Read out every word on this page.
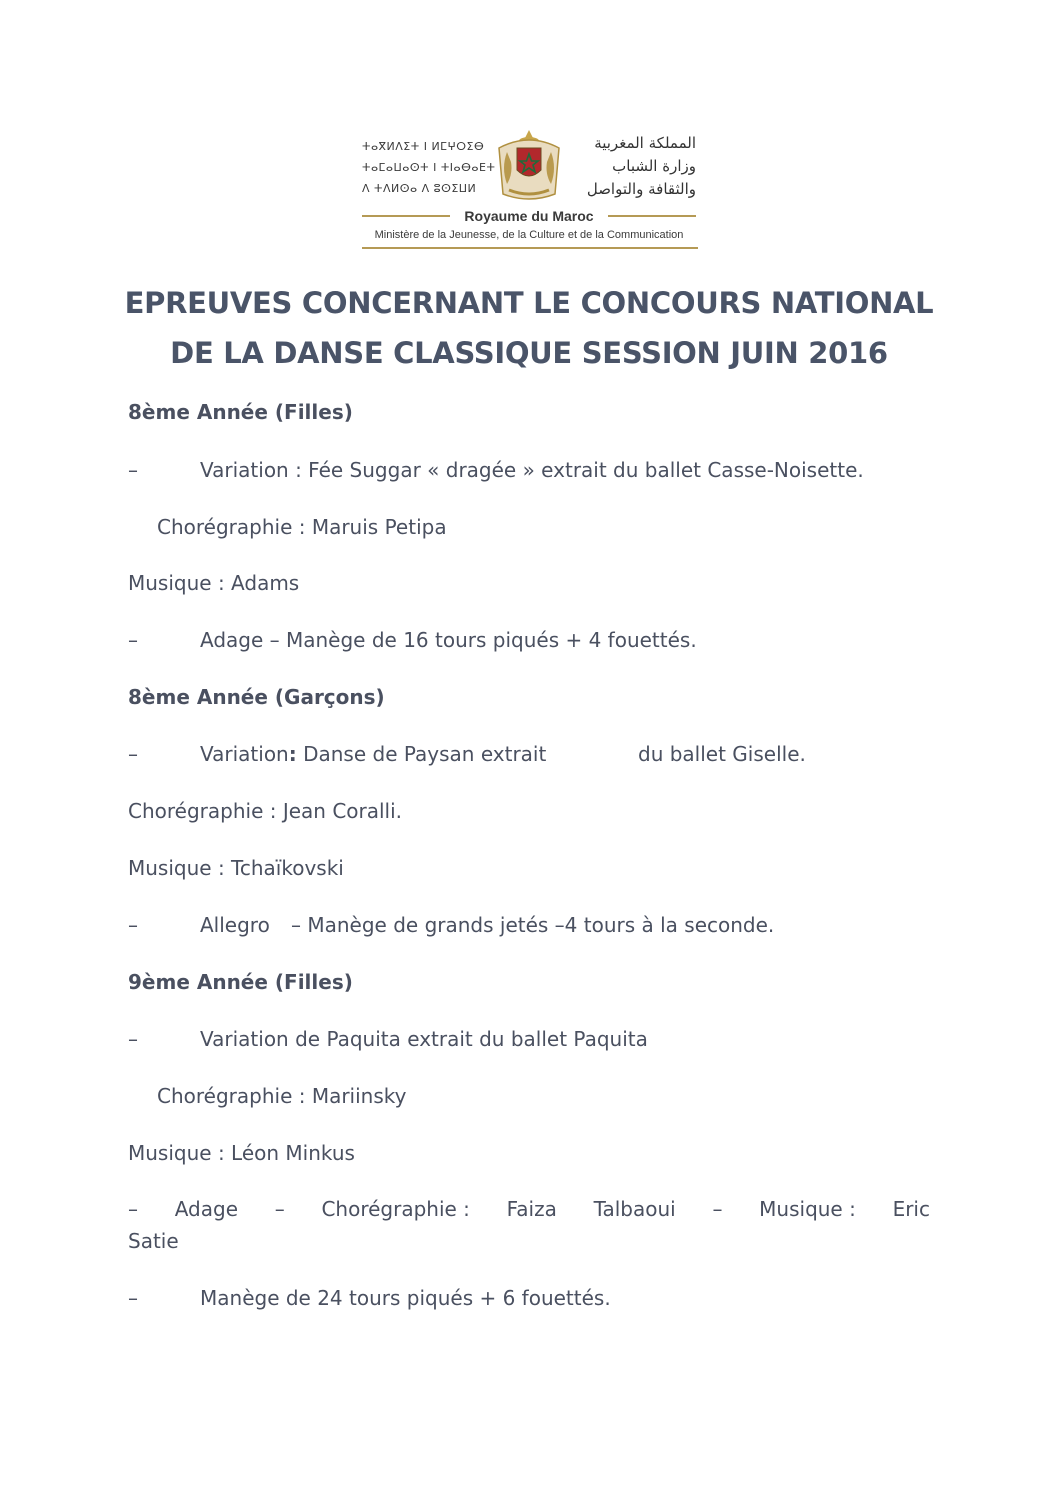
ⵜⴰⴳⵍⴷⵉⵜ ⵏ ⵍⵎⵖⵔⵉⴱ
ⵜⴰⵎⴰⵡⴰⵙⵜ ⵏ ⵜⵏⴰⴱⴰⴹⵜ
ⴷ ⵜⴷⵍⵙⴰ ⴷ ⵓⵙⵉⵡⵍ
المملكة المغربية
وزارة الشباب
والثقافة والتواصل
Royaume du Maroc
Ministère de la Jeunesse, de la Culture et de la Communication
EPREUVES CONCERNANT LE CONCOURS NATIONAL
DE LA DANSE CLASSIQUE SESSION JUIN 2016
8ème Année (Filles)
–	Variation : Fée Suggar « dragée » extrait du ballet Casse-Noisette.
Chorégraphie : Maruis Petipa
Musique : Adams
–	Adage – Manège de 16 tours piqués + 4 fouettés.
8ème Année (Garçons)
–	Variation: Danse de Paysan extrait	du ballet Giselle.
Chorégraphie : Jean Coralli.
Musique : Tchaïkovski
–	Allegro – Manège de grands jetés –4 tours à la seconde.
9ème Année (Filles)
–	Variation de Paquita extrait du ballet Paquita
Chorégraphie : Mariinsky
Musique : Léon Minkus
– Adage – Chorégraphie : Faiza Talbaoui – Musique : Eric
Satie
–	Manège de 24 tours piqués + 6 fouettés.
